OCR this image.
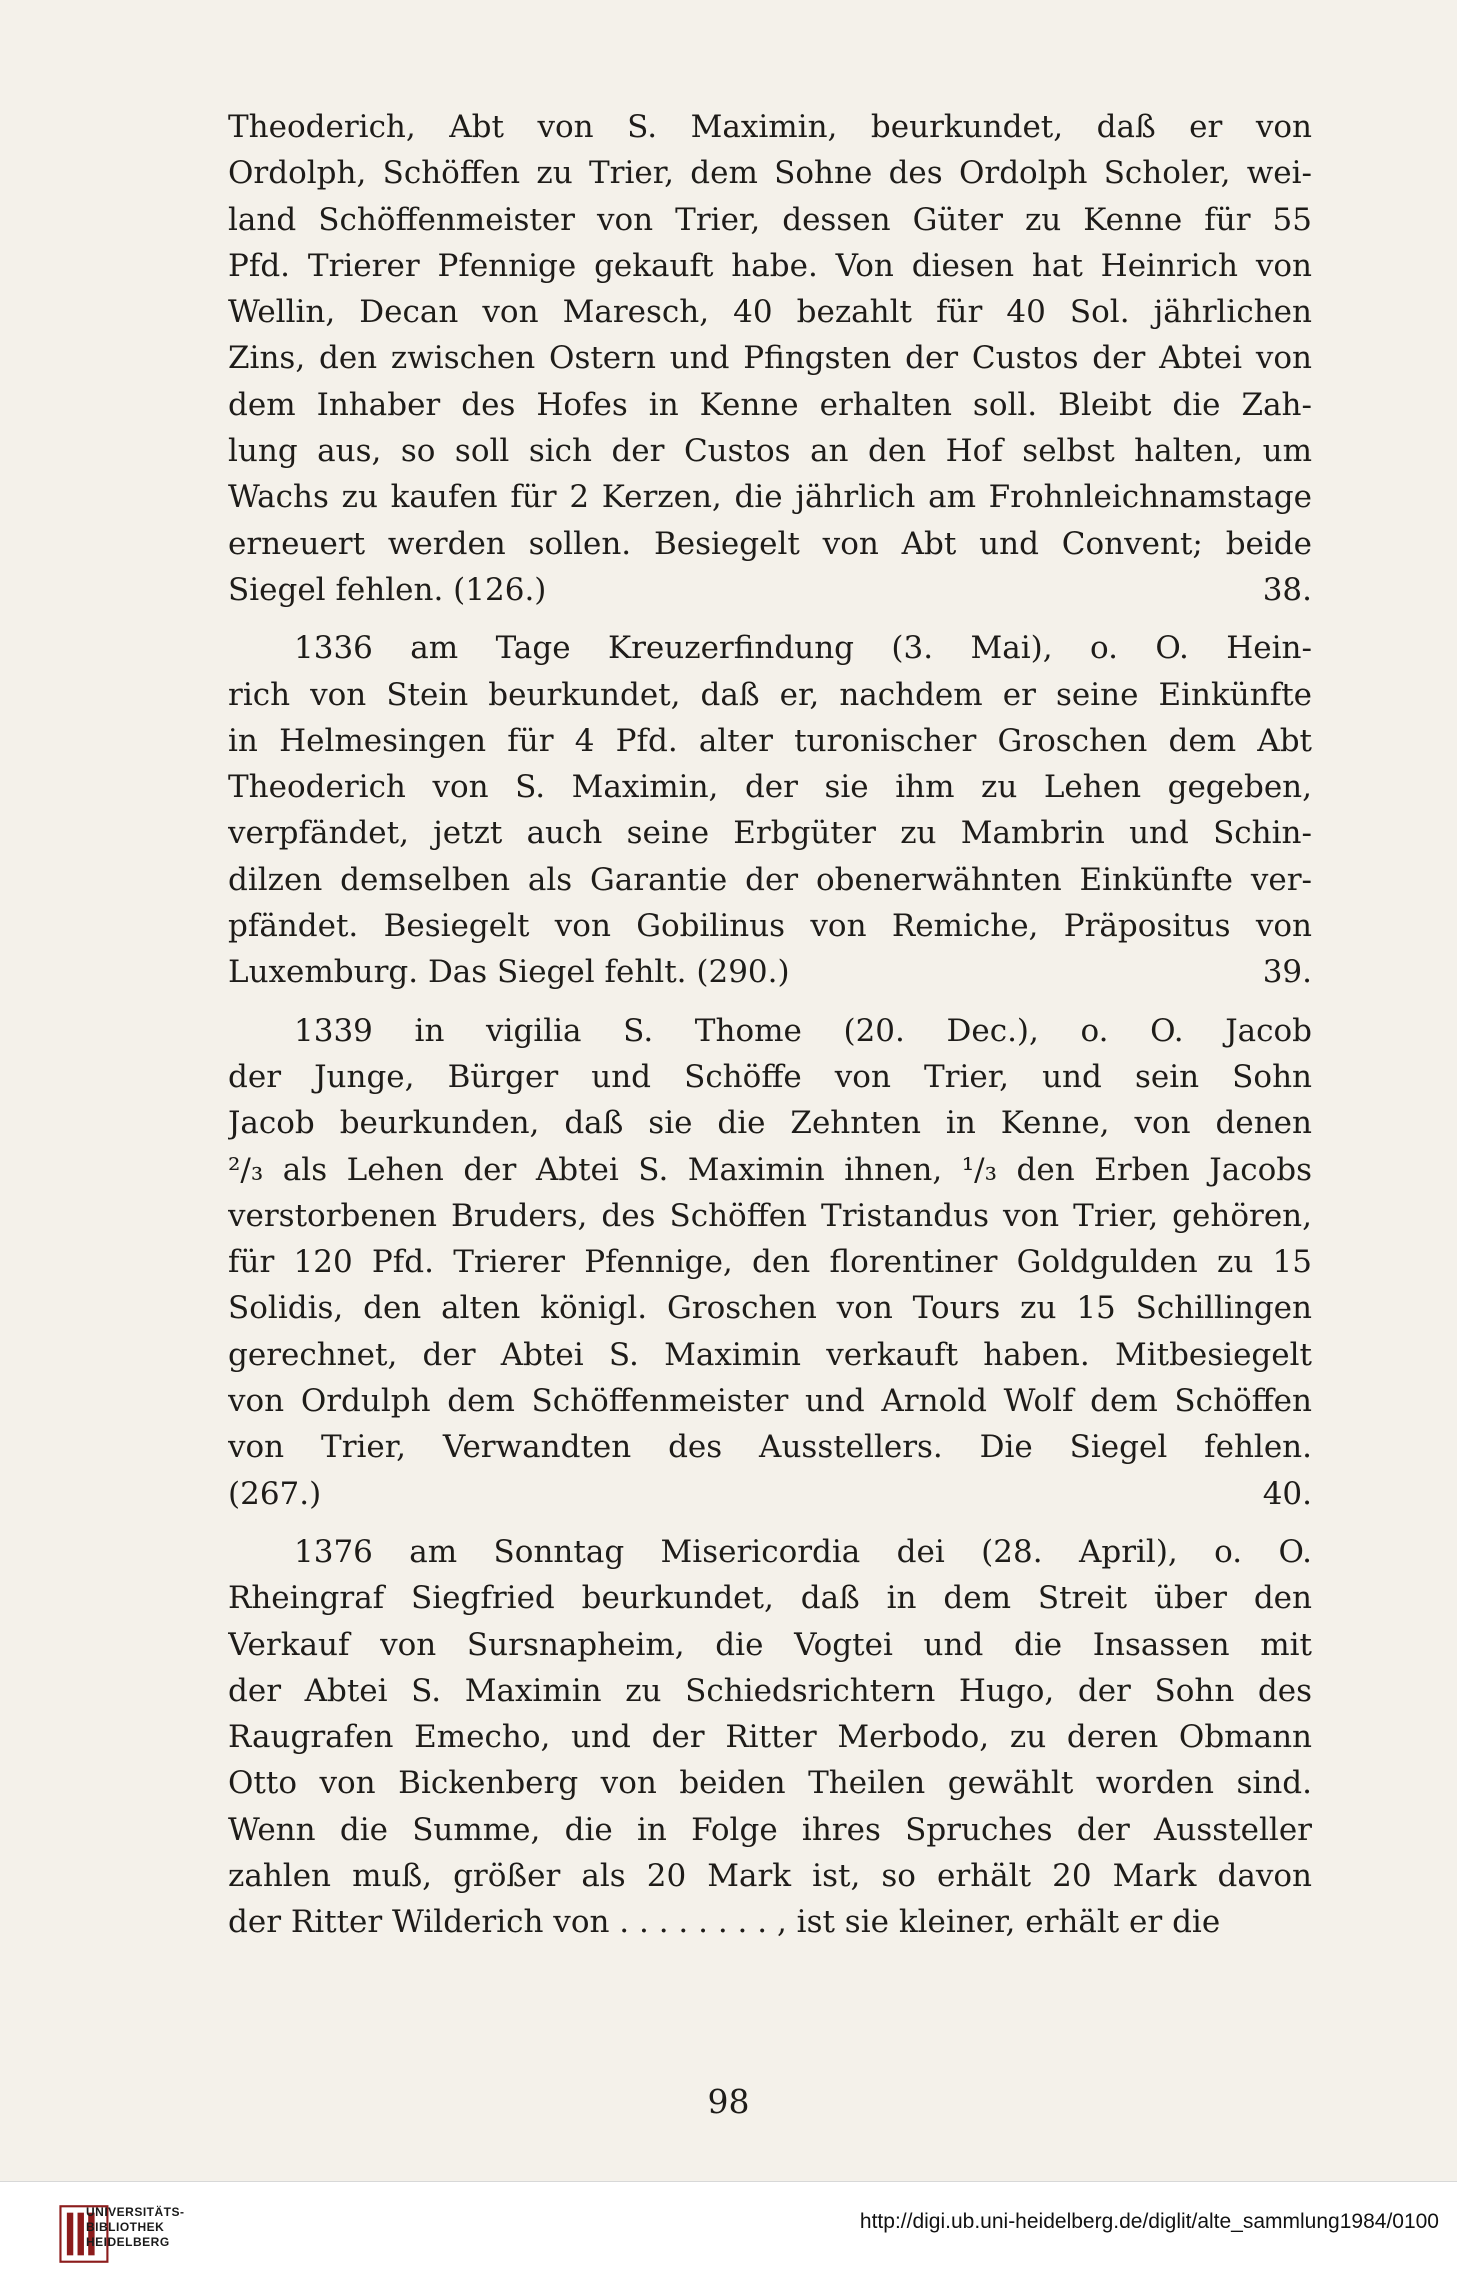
Theoderich, Abt von S. Maximin, beurkundet, daß er von
Ordolph, Schöffen zu Trier, dem Sohne des Ordolph Scholer, wei-
land Schöffenmeister von Trier, dessen Güter zu Kenne für 55
Pfd. Trierer Pfennige gekauft habe. Von diesen hat Heinrich von
Wellin, Decan von Maresch, 40 bezahlt für 40 Sol. jährlichen
Zins, den zwischen Ostern und Pfingsten der Custos der Abtei von
dem Inhaber des Hofes in Kenne erhalten soll. Bleibt die Zah-
lung aus, so soll sich der Custos an den Hof selbst halten, um
Wachs zu kaufen für 2 Kerzen, die jährlich am Frohnleichnamstage
erneuert werden sollen. Besiegelt von Abt und Convent; beide
Siegel fehlen. (126.)	38.
1336 am Tage Kreuzerfindung (3. Mai), o. O. Hein-
rich von Stein beurkundet, daß er, nachdem er seine Einkünfte
in Helmesingen für 4 Pfd. alter turonischer Groschen dem Abt
Theoderich von S. Maximin, der sie ihm zu Lehen gegeben,
verpfändet, jetzt auch seine Erbgüter zu Mambrin und Schin-
dilzen demselben als Garantie der obenerwähnten Einkünfte ver-
pfändet. Besiegelt von Gobilinus von Remiche, Präpositus von
Luxemburg. Das Siegel fehlt. (290.)	39.
1339 in vigilia S. Thome (20. Dec.), o. O. Jacob
der Junge, Bürger und Schöffe von Trier, und sein Sohn
Jacob beurkunden, daß sie die Zehnten in Kenne, von denen
²/₃ als Lehen der Abtei S. Maximin ihnen, ¹/₃ den Erben Jacobs
verstorbenen Bruders, des Schöffen Tristandus von Trier, gehören,
für 120 Pfd. Trierer Pfennige, den florentiner Goldgulden zu 15
Solidis, den alten königl. Groschen von Tours zu 15 Schillingen
gerechnet, der Abtei S. Maximin verkauft haben. Mitbesiegelt
von Ordulph dem Schöffenmeister und Arnold Wolf dem Schöffen
von Trier, Verwandten des Ausstellers. Die Siegel fehlen.
(267.)	40.
1376 am Sonntag Misericordia dei (28. April), o. O.
Rheingraf Siegfried beurkundet, daß in dem Streit über den
Verkauf von Sursnapheim, die Vogtei und die Insassen mit
der Abtei S. Maximin zu Schiedsrichtern Hugo, der Sohn des
Raugrafen Emecho, und der Ritter Merbodo, zu deren Obmann
Otto von Bickenberg von beiden Theilen gewählt worden sind.
Wenn die Summe, die in Folge ihres Spruches der Aussteller
zahlen muß, größer als 20 Mark ist, so erhält 20 Mark davon
der Ritter Wilderich von . . . . . . . . , ist sie kleiner, erhält er die
98
UNIVERSITÄTS-
BIBLIOTHEK
HEIDELBERG
http://digi.ub.uni-heidelberg.de/diglit/alte_sammlung1984/0100
